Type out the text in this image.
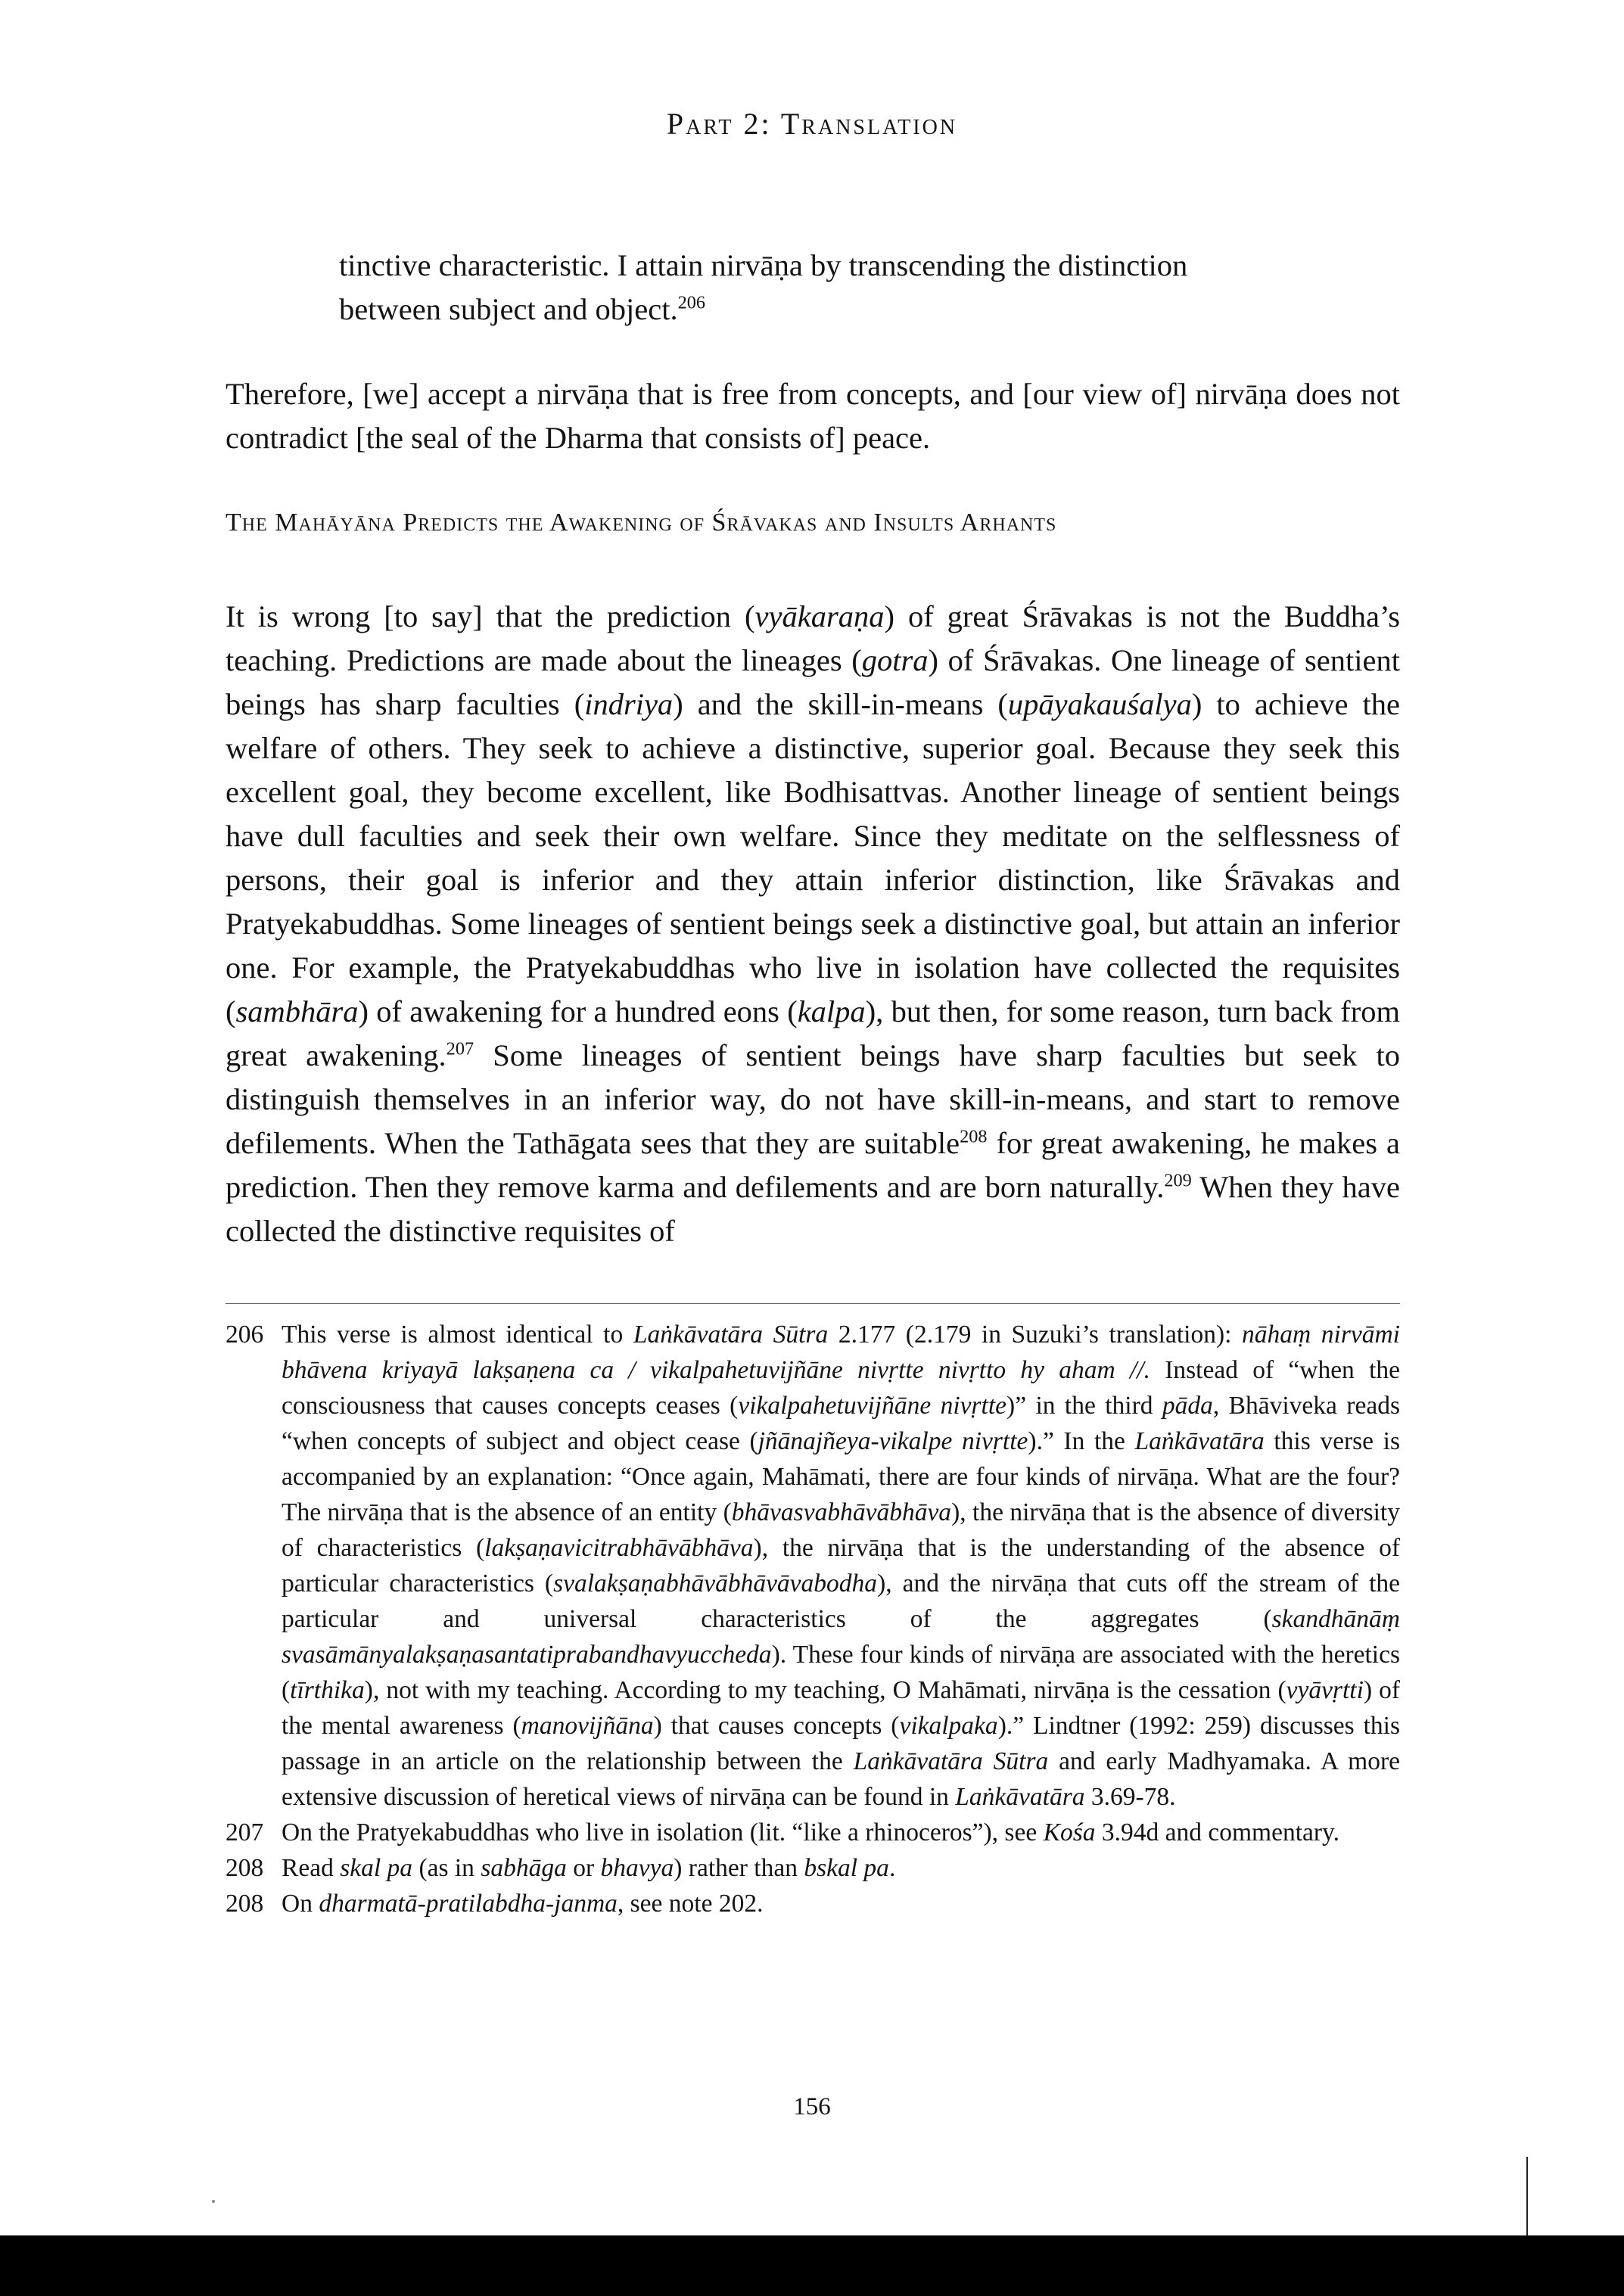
Part 2: Translation
tinctive characteristic. I attain nirvāṇa by transcending the distinction
between subject and object.$^{206}$
Therefore, [we] accept a nirvāṇa that is free from concepts, and [our view of] nirvāṇa does not contradict [the seal of the Dharma that consists of] peace.
The Mahāyāna Predicts the Awakening of Śrāvakas and Insults Arhants
It is wrong [to say] that the prediction (vyākaraṇa) of great Śrāvakas is not the Buddha’s teaching. Predictions are made about the lineages (gotra) of Śrāvakas. One lineage of sentient beings has sharp faculties (indriya) and the skill-in-means (upāyakauśalya) to achieve the welfare of others. They seek to achieve a distinctive, superior goal. Because they seek this excellent goal, they become excellent, like Bodhisattvas. Another lineage of sentient beings have dull faculties and seek their own welfare. Since they meditate on the selflessness of persons, their goal is inferior and they attain inferior distinction, like Śrāvakas and Pratyekabuddhas. Some lineages of sentient beings seek a distinctive goal, but attain an inferior one. For example, the Pratyekabuddhas who live in isolation have collected the requisites (sambhāra) of awakening for a hundred eons (kalpa), but then, for some reason, turn back from great awakening.$^{207}$ Some lineages of sentient beings have sharp faculties but seek to distinguish themselves in an inferior way, do not have skill-in-means, and start to remove defilements. When the Tathāgata sees that they are suitable$^{208}$ for great awakening, he makes a prediction. Then they remove karma and defilements and are born naturally.$^{209}$ When they have collected the distinctive requisites of
206 This verse is almost identical to Laṅkāvatāra Sūtra 2.177 (2.179 in Suzuki’s translation): nāhaṃ nirvāmi bhāvena kriyayā lakṣaṇena ca / vikalpahetuvijñāne nivṛtte nivṛtto hy aham //. Instead of “when the consciousness that causes concepts ceases (vikalpahetuvijñāne nivṛtte)” in the third pāda, Bhāviveka reads “when concepts of subject and object cease (jñānajñeya-vikalpe nivṛtte).” In the Laṅkāvatāra this verse is accompanied by an explanation: “Once again, Mahāmati, there are four kinds of nirvāṇa. What are the four? The nirvāṇa that is the absence of an entity (bhāvasvabhāvābhāva), the nirvāṇa that is the absence of diversity of characteristics (lakṣaṇavicitrabhāvābhāva), the nirvāṇa that is the understanding of the absence of particular characteristics (svalakṣaṇabhāvābhāvāvabodha), and the nirvāṇa that cuts off the stream of the particular and universal characteristics of the aggregates (skandhānāṃ svasāmānyalakṣaṇasantatiprabandhavyuccheda). These four kinds of nirvāṇa are associated with the heretics (tīrthika), not with my teaching. According to my teaching, O Mahāmati, nirvāṇa is the cessation (vyāvṛtti) of the mental awareness (manovijñāna) that causes concepts (vikalpaka).” Lindtner (1992: 259) discusses this passage in an article on the relationship between the Laṅkāvatāra Sūtra and early Madhyamaka. A more extensive discussion of heretical views of nirvāṇa can be found in Laṅkāvatāra 3.69-78.
207 On the Pratyekabuddhas who live in isolation (lit. “like a rhinoceros”), see Kośa 3.94d and commentary.
208 Read skal pa (as in sabhāga or bhavya) rather than bskal pa.
208 On dharmatā-pratilabdha-janma, see note 202.
156
